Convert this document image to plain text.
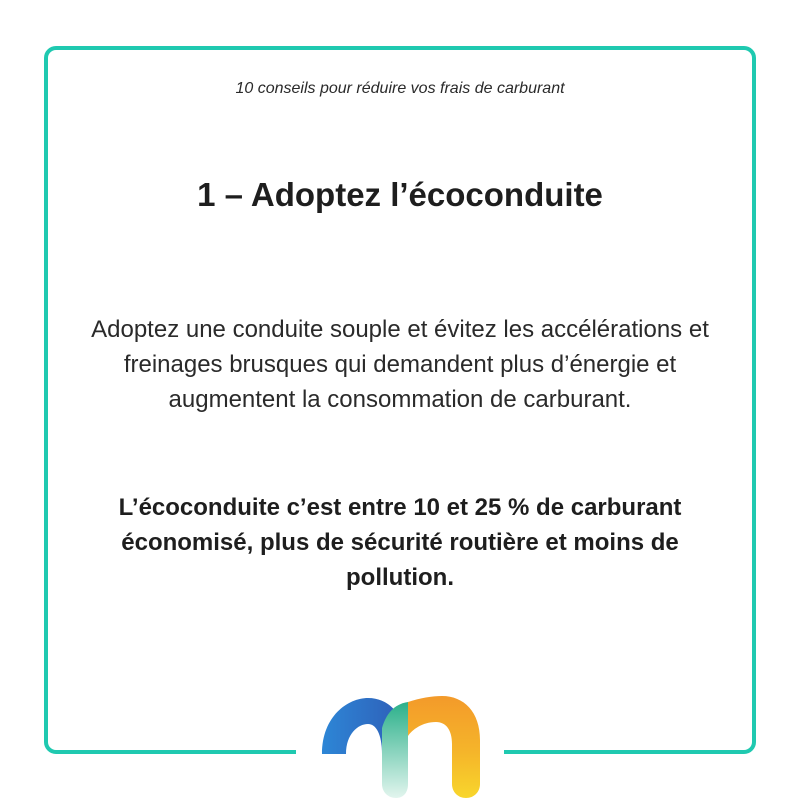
10 conseils pour réduire vos frais de carburant
1 – Adoptez l’écoconduite
Adoptez une conduite souple et évitez les accélérations et freinages brusques qui demandent plus d’énergie et augmentent la consommation de carburant.
L’écoconduite c’est entre 10 et 25 % de carburant économisé, plus de sécurité routière et moins de pollution.
